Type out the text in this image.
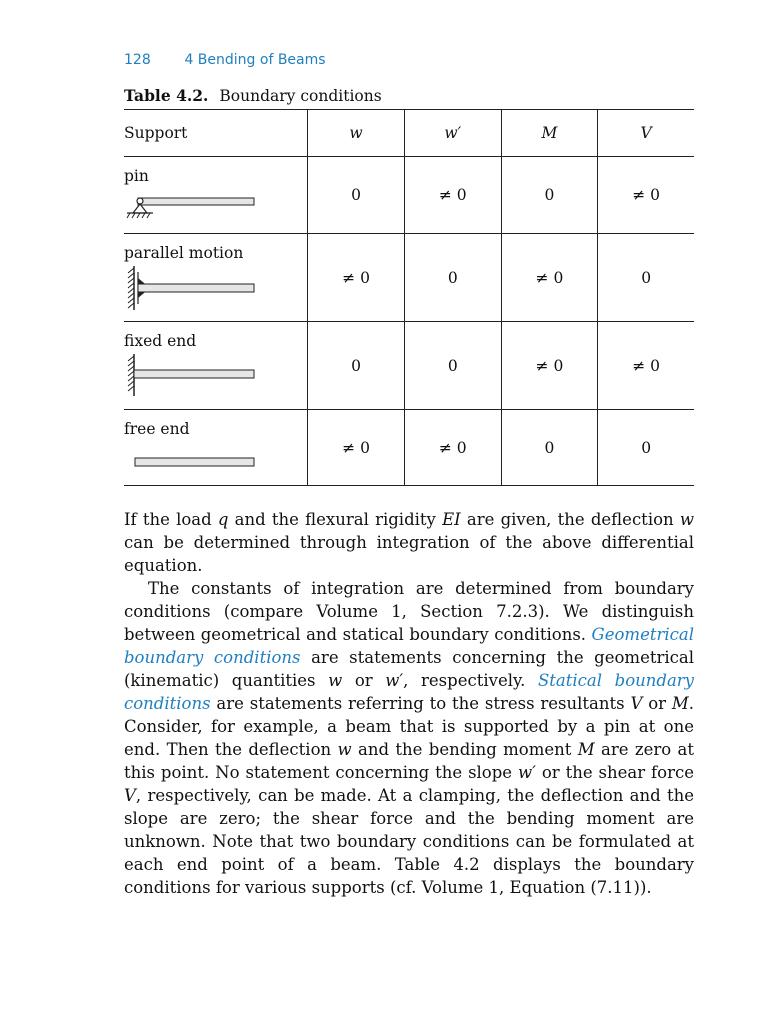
128 4 Bending of Beams
Table 4.2. Boundary conditions
Support	w	w′	M	V

pin	0	≠ 0	0	≠ 0

parallel motion	≠ 0	0	≠ 0	0

fixed end	0	0	≠ 0	≠ 0

free end	≠ 0	≠ 0	0	0

If the load q and the flexural rigidity EI are given, the deflection w can be determined through integration of the above differential equation.

The constants of integration are determined from boundary conditions (compare Volume 1, Section 7.2.3). We distinguish between geometrical and statical boundary conditions. Geometrical boundary conditions are statements concerning the geometrical (kinematic) quantities w or w′, respectively. Statical boundary conditions are statements referring to the stress resultants V or M. Consider, for example, a beam that is supported by a pin at one end. Then the deflection w and the bending moment M are zero at this point. No statement concerning the slope w′ or the shear force V, respectively, can be made. At a clamping, the deflection and the slope are zero; the shear force and the bending moment are unknown. Note that two boundary conditions can be formulated at each end point of a beam. Table 4.2 displays the boundary conditions for various supports (cf. Volume 1, Equation (7.11)).
